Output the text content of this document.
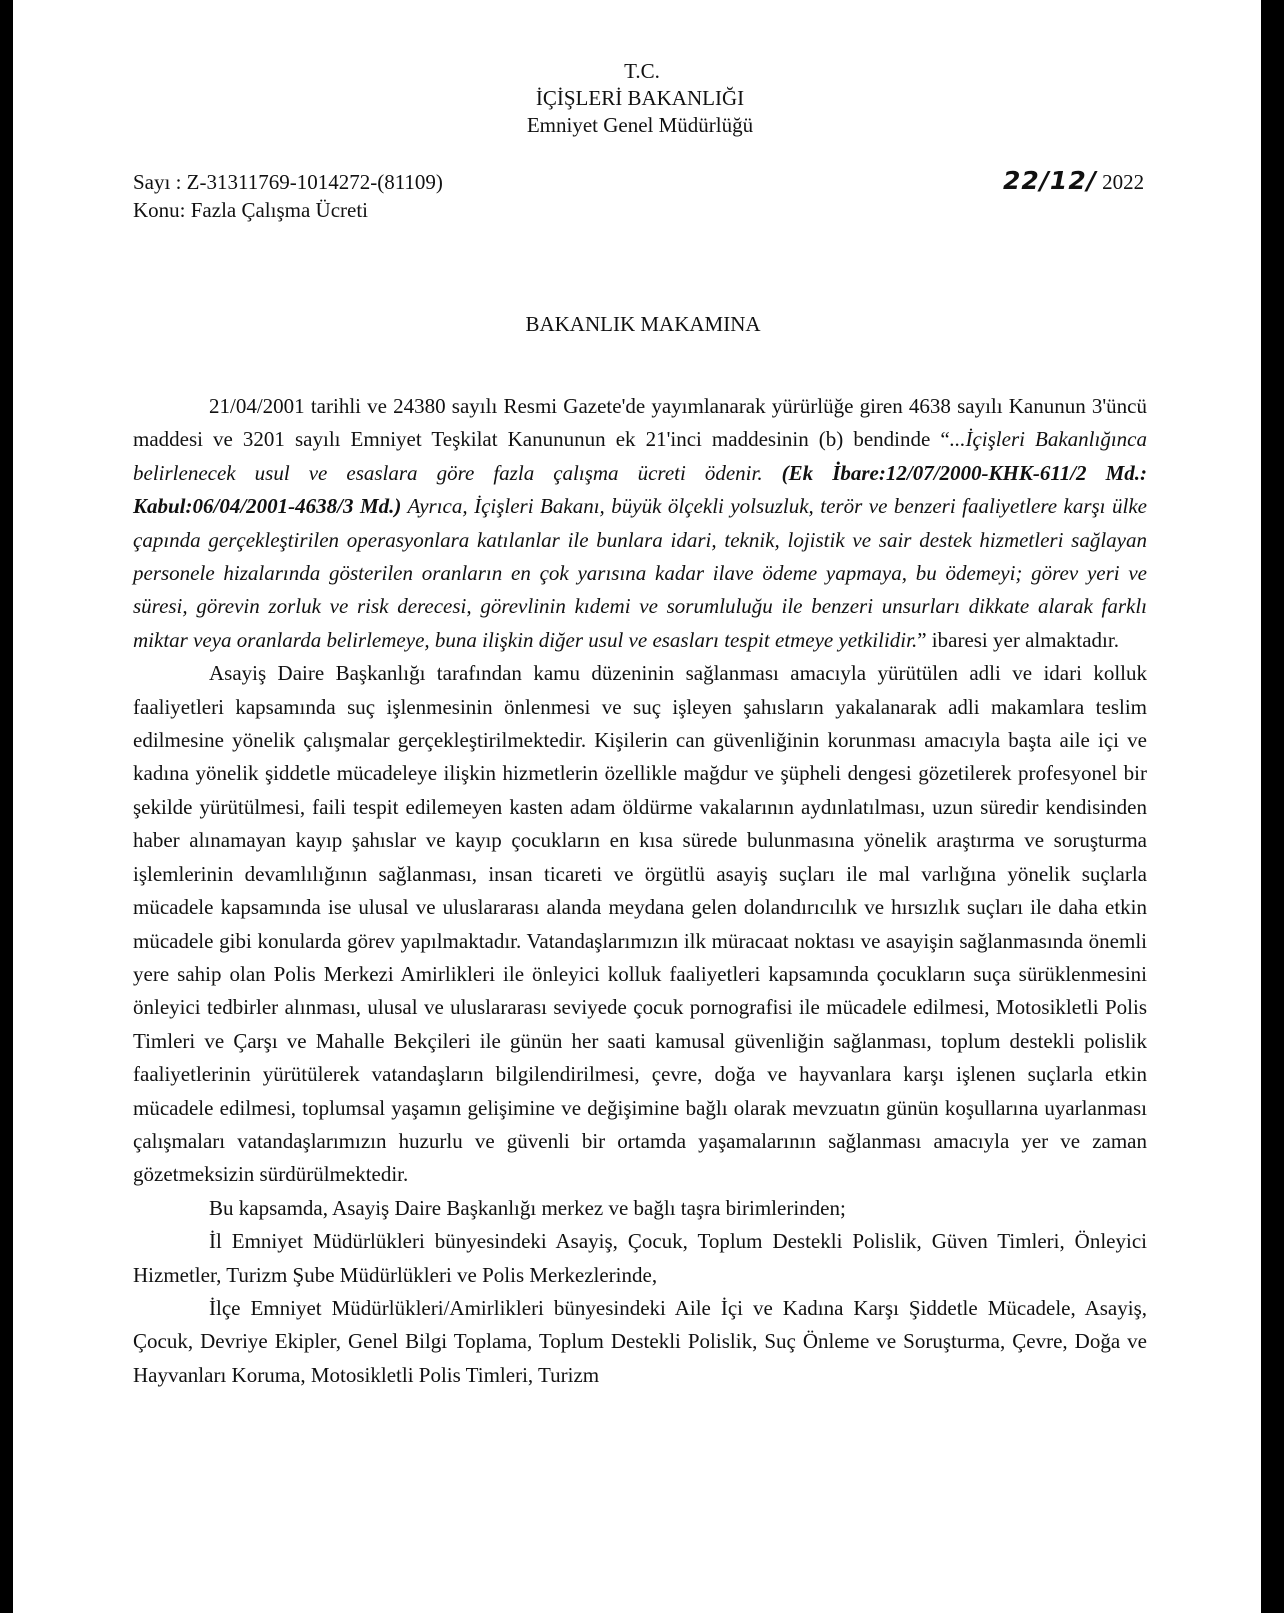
T.C.
İÇİŞLERİ BAKANLIĞI
Emniyet Genel Müdürlüğü
Sayı : Z-31311769-1014272-(81109)
Konu: Fazla Çalışma Ücreti
22/12/ 2022
BAKANLIK MAKAMINA

21/04/2001 tarihli ve 24380 sayılı Resmi Gazete'de yayımlanarak yürürlüğe giren 4638 sayılı Kanunun 3'üncü maddesi ve 3201 sayılı Emniyet Teşkilat Kanununun ek 21'inci maddesinin (b) bendinde “...İçişleri Bakanlığınca belirlenecek usul ve esaslara göre fazla çalışma ücreti ödenir. (Ek İbare:12/07/2000-KHK-611/2 Md.: Kabul:06/04/2001-4638/3 Md.) Ayrıca, İçişleri Bakanı, büyük ölçekli yolsuzluk, terör ve benzeri faaliyetlere karşı ülke çapında gerçekleştirilen operasyonlara katılanlar ile bunlara idari, teknik, lojistik ve sair destek hizmetleri sağlayan personele hizalarında gösterilen oranların en çok yarısına kadar ilave ödeme yapmaya, bu ödemeyi; görev yeri ve süresi, görevin zorluk ve risk derecesi, görevlinin kıdemi ve sorumluluğu ile benzeri unsurları dikkate alarak farklı miktar veya oranlarda belirlemeye, buna ilişkin diğer usul ve esasları tespit etmeye yetkilidir.” ibaresi yer almaktadır.

Asayiş Daire Başkanlığı tarafından kamu düzeninin sağlanması amacıyla yürütülen adli ve idari kolluk faaliyetleri kapsamında suç işlenmesinin önlenmesi ve suç işleyen şahısların yakalanarak adli makamlara teslim edilmesine yönelik çalışmalar gerçekleştirilmektedir. Kişilerin can güvenliğinin korunması amacıyla başta aile içi ve kadına yönelik şiddetle mücadeleye ilişkin hizmetlerin özellikle mağdur ve şüpheli dengesi gözetilerek profesyonel bir şekilde yürütülmesi, faili tespit edilemeyen kasten adam öldürme vakalarının aydınlatılması, uzun süredir kendisinden haber alınamayan kayıp şahıslar ve kayıp çocukların en kısa sürede bulunmasına yönelik araştırma ve soruşturma işlemlerinin devamlılığının sağlanması, insan ticareti ve örgütlü asayiş suçları ile mal varlığına yönelik suçlarla mücadele kapsamında ise ulusal ve uluslararası alanda meydana gelen dolandırıcılık ve hırsızlık suçları ile daha etkin mücadele gibi konularda görev yapılmaktadır. Vatandaşlarımızın ilk müracaat noktası ve asayişin sağlanmasında önemli yere sahip olan Polis Merkezi Amirlikleri ile önleyici kolluk faaliyetleri kapsamında çocukların suça sürüklenmesini önleyici tedbirler alınması, ulusal ve uluslararası seviyede çocuk pornografisi ile mücadele edilmesi, Motosikletli Polis Timleri ve Çarşı ve Mahalle Bekçileri ile günün her saati kamusal güvenliğin sağlanması, toplum destekli polislik faaliyetlerinin yürütülerek vatandaşların bilgilendirilmesi, çevre, doğa ve hayvanlara karşı işlenen suçlarla etkin mücadele edilmesi, toplumsal yaşamın gelişimine ve değişimine bağlı olarak mevzuatın günün koşullarına uyarlanması çalışmaları vatandaşlarımızın huzurlu ve güvenli bir ortamda yaşamalarının sağlanması amacıyla yer ve zaman gözetmeksizin sürdürülmektedir.

Bu kapsamda, Asayiş Daire Başkanlığı merkez ve bağlı taşra birimlerinden;

İl Emniyet Müdürlükleri bünyesindeki Asayiş, Çocuk, Toplum Destekli Polislik, Güven Timleri, Önleyici Hizmetler, Turizm Şube Müdürlükleri ve Polis Merkezlerinde,

İlçe Emniyet Müdürlükleri/Amirlikleri bünyesindeki Aile İçi ve Kadına Karşı Şiddetle Mücadele, Asayiş, Çocuk, Devriye Ekipler, Genel Bilgi Toplama, Toplum Destekli Polislik, Suç Önleme ve Soruşturma, Çevre, Doğa ve Hayvanları Koruma, Motosikletli Polis Timleri, Turizm
